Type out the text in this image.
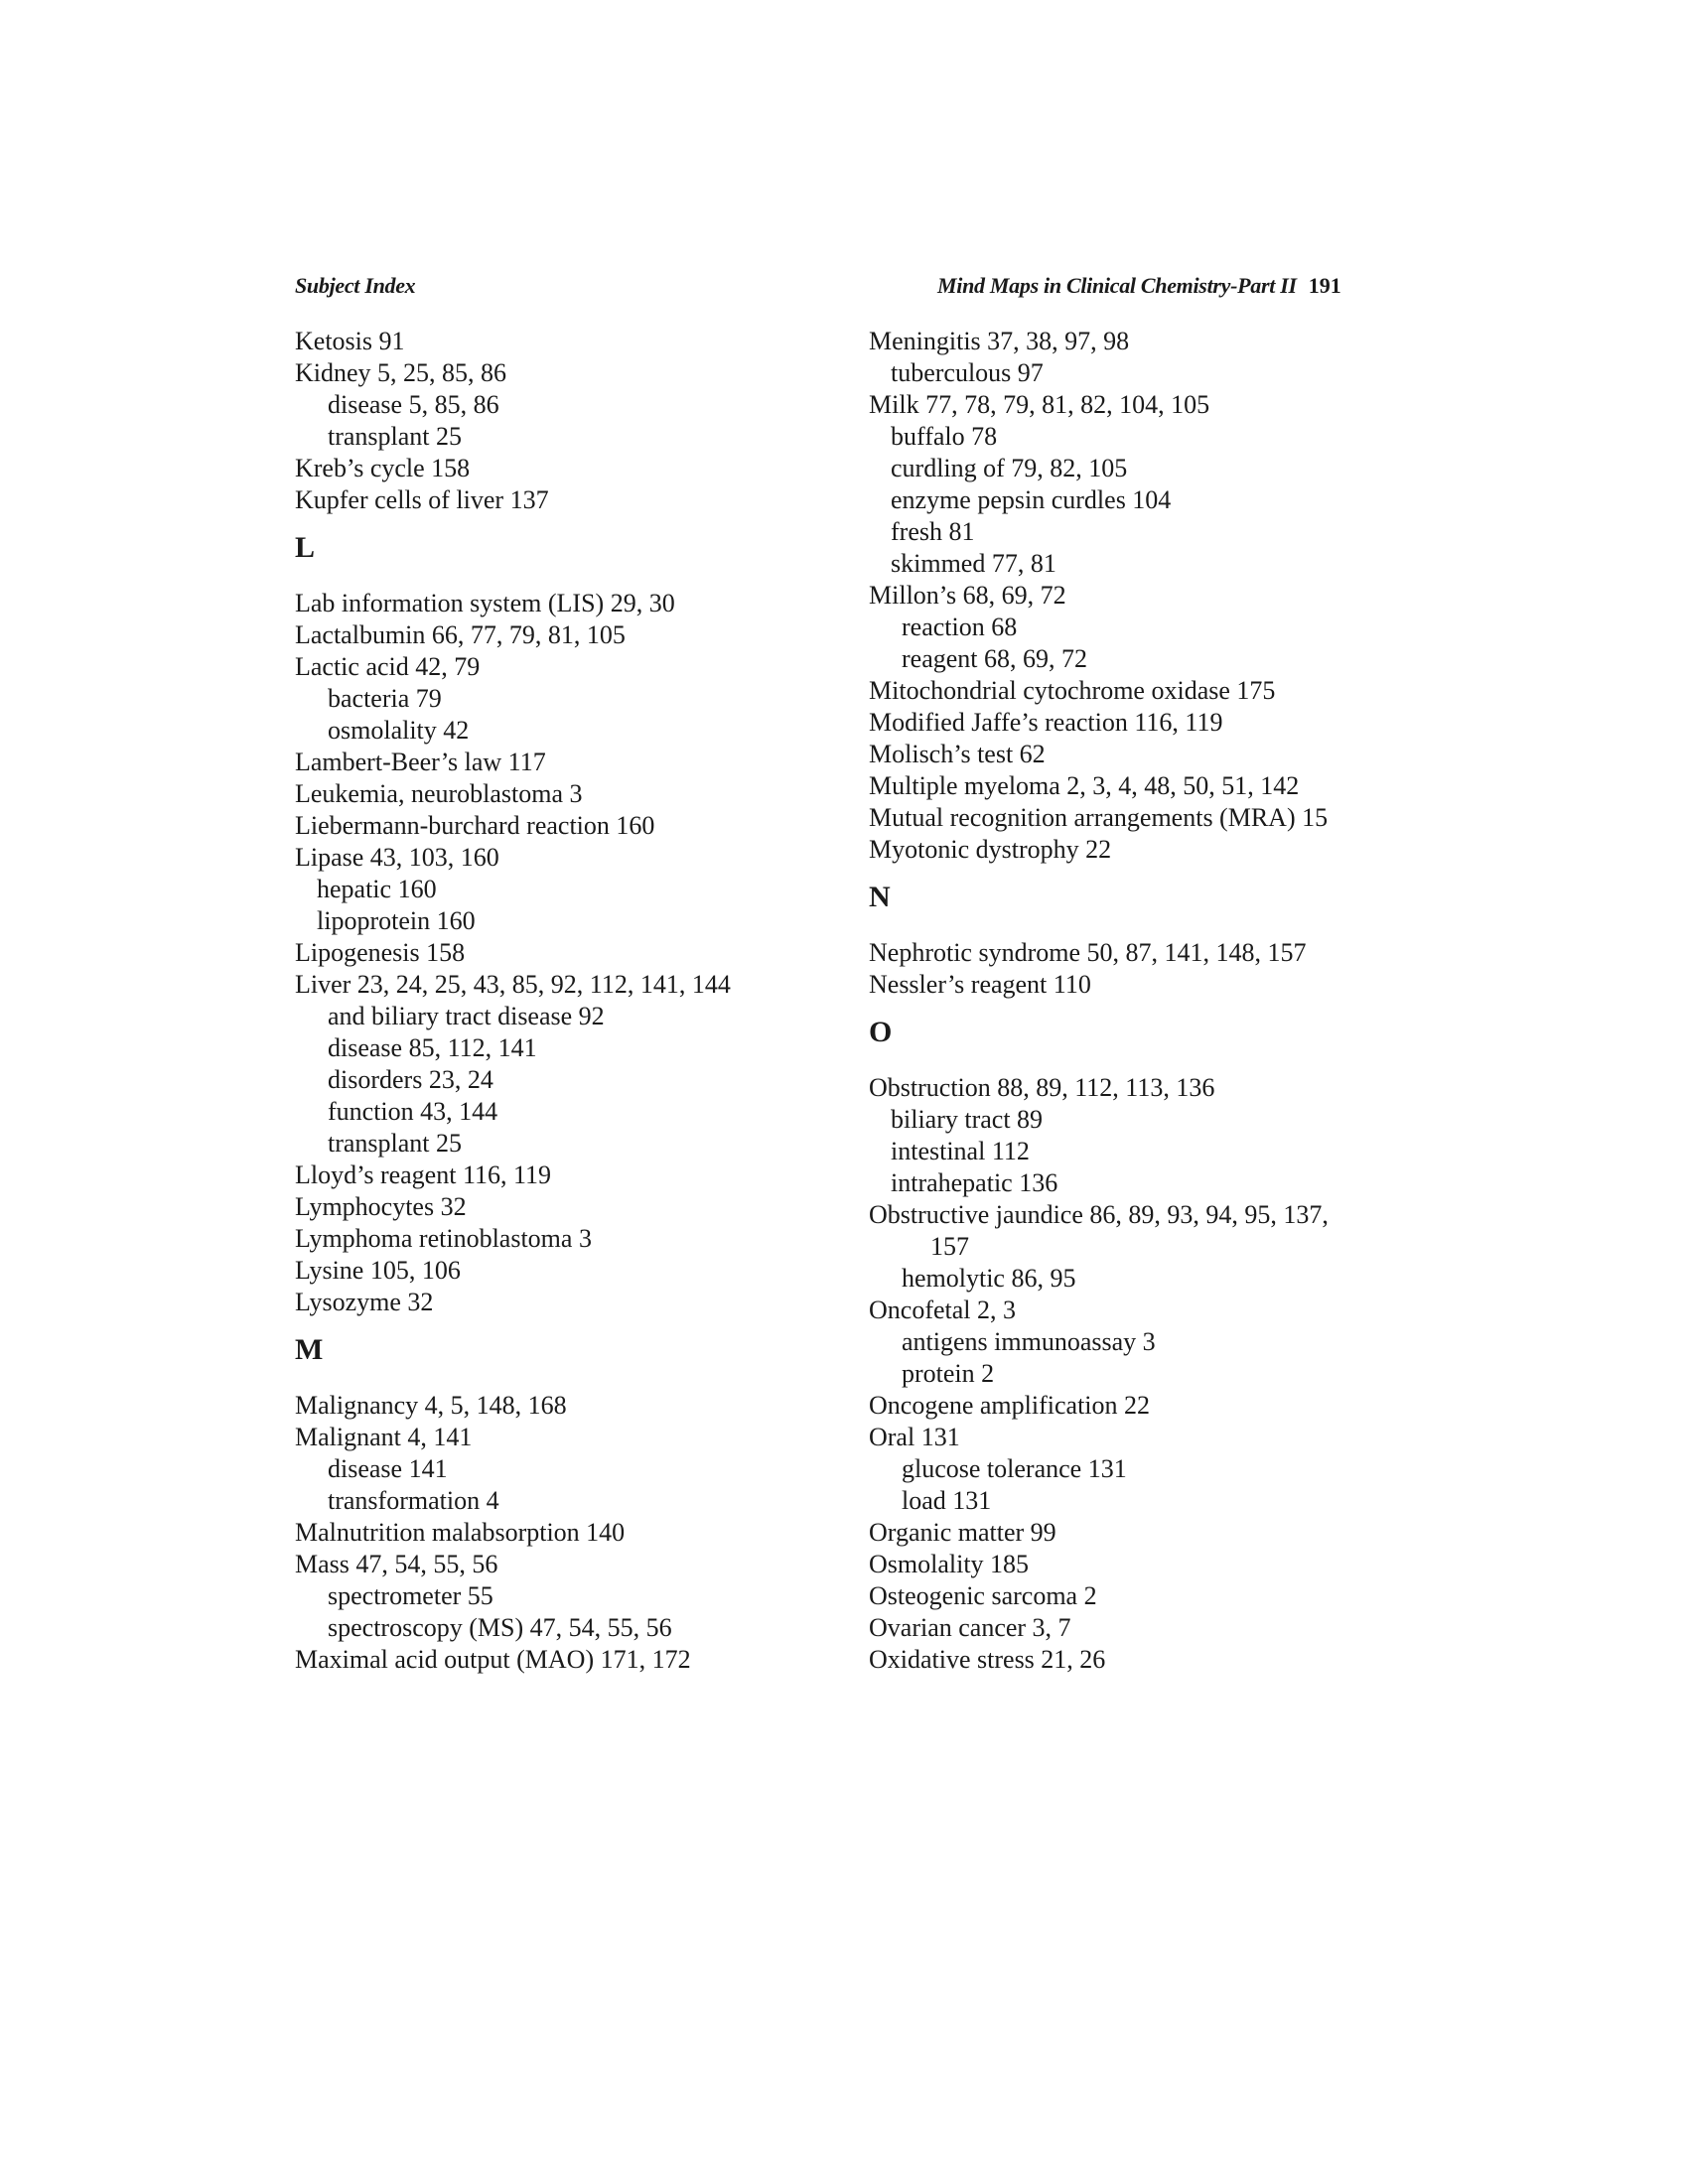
Subject Index	Mind Maps in Clinical Chemistry-Part II 191
Ketosis 91
Kidney 5, 25, 85, 86
disease 5, 85, 86
transplant 25
Kreb’s cycle 158
Kupfer cells of liver 137
L
Lab information system (LIS) 29, 30
Lactalbumin 66, 77, 79, 81, 105
Lactic acid 42, 79
bacteria 79
osmolality 42
Lambert-Beer’s law 117
Leukemia, neuroblastoma 3
Liebermann-burchard reaction 160
Lipase 43, 103, 160
hepatic 160
lipoprotein 160
Lipogenesis 158
Liver 23, 24, 25, 43, 85, 92, 112, 141, 144
and biliary tract disease 92
disease 85, 112, 141
disorders 23, 24
function 43, 144
transplant 25
Lloyd’s reagent 116, 119
Lymphocytes 32
Lymphoma retinoblastoma 3
Lysine 105, 106
Lysozyme 32
M
Malignancy 4, 5, 148, 168
Malignant 4, 141
disease 141
transformation 4
Malnutrition malabsorption 140
Mass 47, 54, 55, 56
spectrometer 55
spectroscopy (MS) 47, 54, 55, 56
Maximal acid output (MAO) 171, 172
Meningitis 37, 38, 97, 98
tuberculous 97
Milk 77, 78, 79, 81, 82, 104, 105
buffalo 78
curdling of 79, 82, 105
enzyme pepsin curdles 104
fresh 81
skimmed 77, 81
Millon’s 68, 69, 72
reaction 68
reagent 68, 69, 72
Mitochondrial cytochrome oxidase 175
Modified Jaffe’s reaction 116, 119
Molisch’s test 62
Multiple myeloma 2, 3, 4, 48, 50, 51, 142
Mutual recognition arrangements (MRA) 15
Myotonic dystrophy 22
N
Nephrotic syndrome 50, 87, 141, 148, 157
Nessler’s reagent 110
O
Obstruction 88, 89, 112, 113, 136
biliary tract 89
intestinal 112
intrahepatic 136
Obstructive jaundice 86, 89, 93, 94, 95, 137,
157
hemolytic 86, 95
Oncofetal 2, 3
antigens immunoassay 3
protein 2
Oncogene amplification 22
Oral 131
glucose tolerance 131
load 131
Organic matter 99
Osmolality 185
Osteogenic sarcoma 2
Ovarian cancer 3, 7
Oxidative stress 21, 26
